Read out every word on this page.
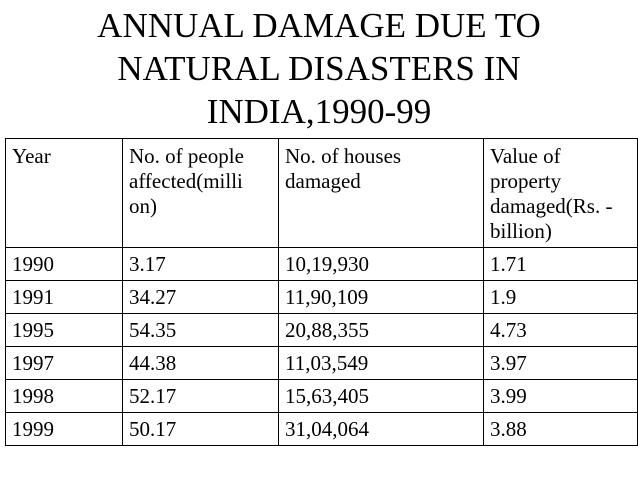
ANNUAL DAMAGE DUE TO
NATURAL DISASTERS IN
INDIA,1990-99
Year	No. of people affected(milli on)	No. of houses damaged	Value of property damaged(Rs. -billion)
1990	3.17	10,19,930	1.71
1991	34.27	11,90,109	1.9
1995	54.35	20,88,355	4.73
1997	44.38	11,03,549	3.97
1998	52.17	15,63,405	3.99
1999	50.17	31,04,064	3.88
